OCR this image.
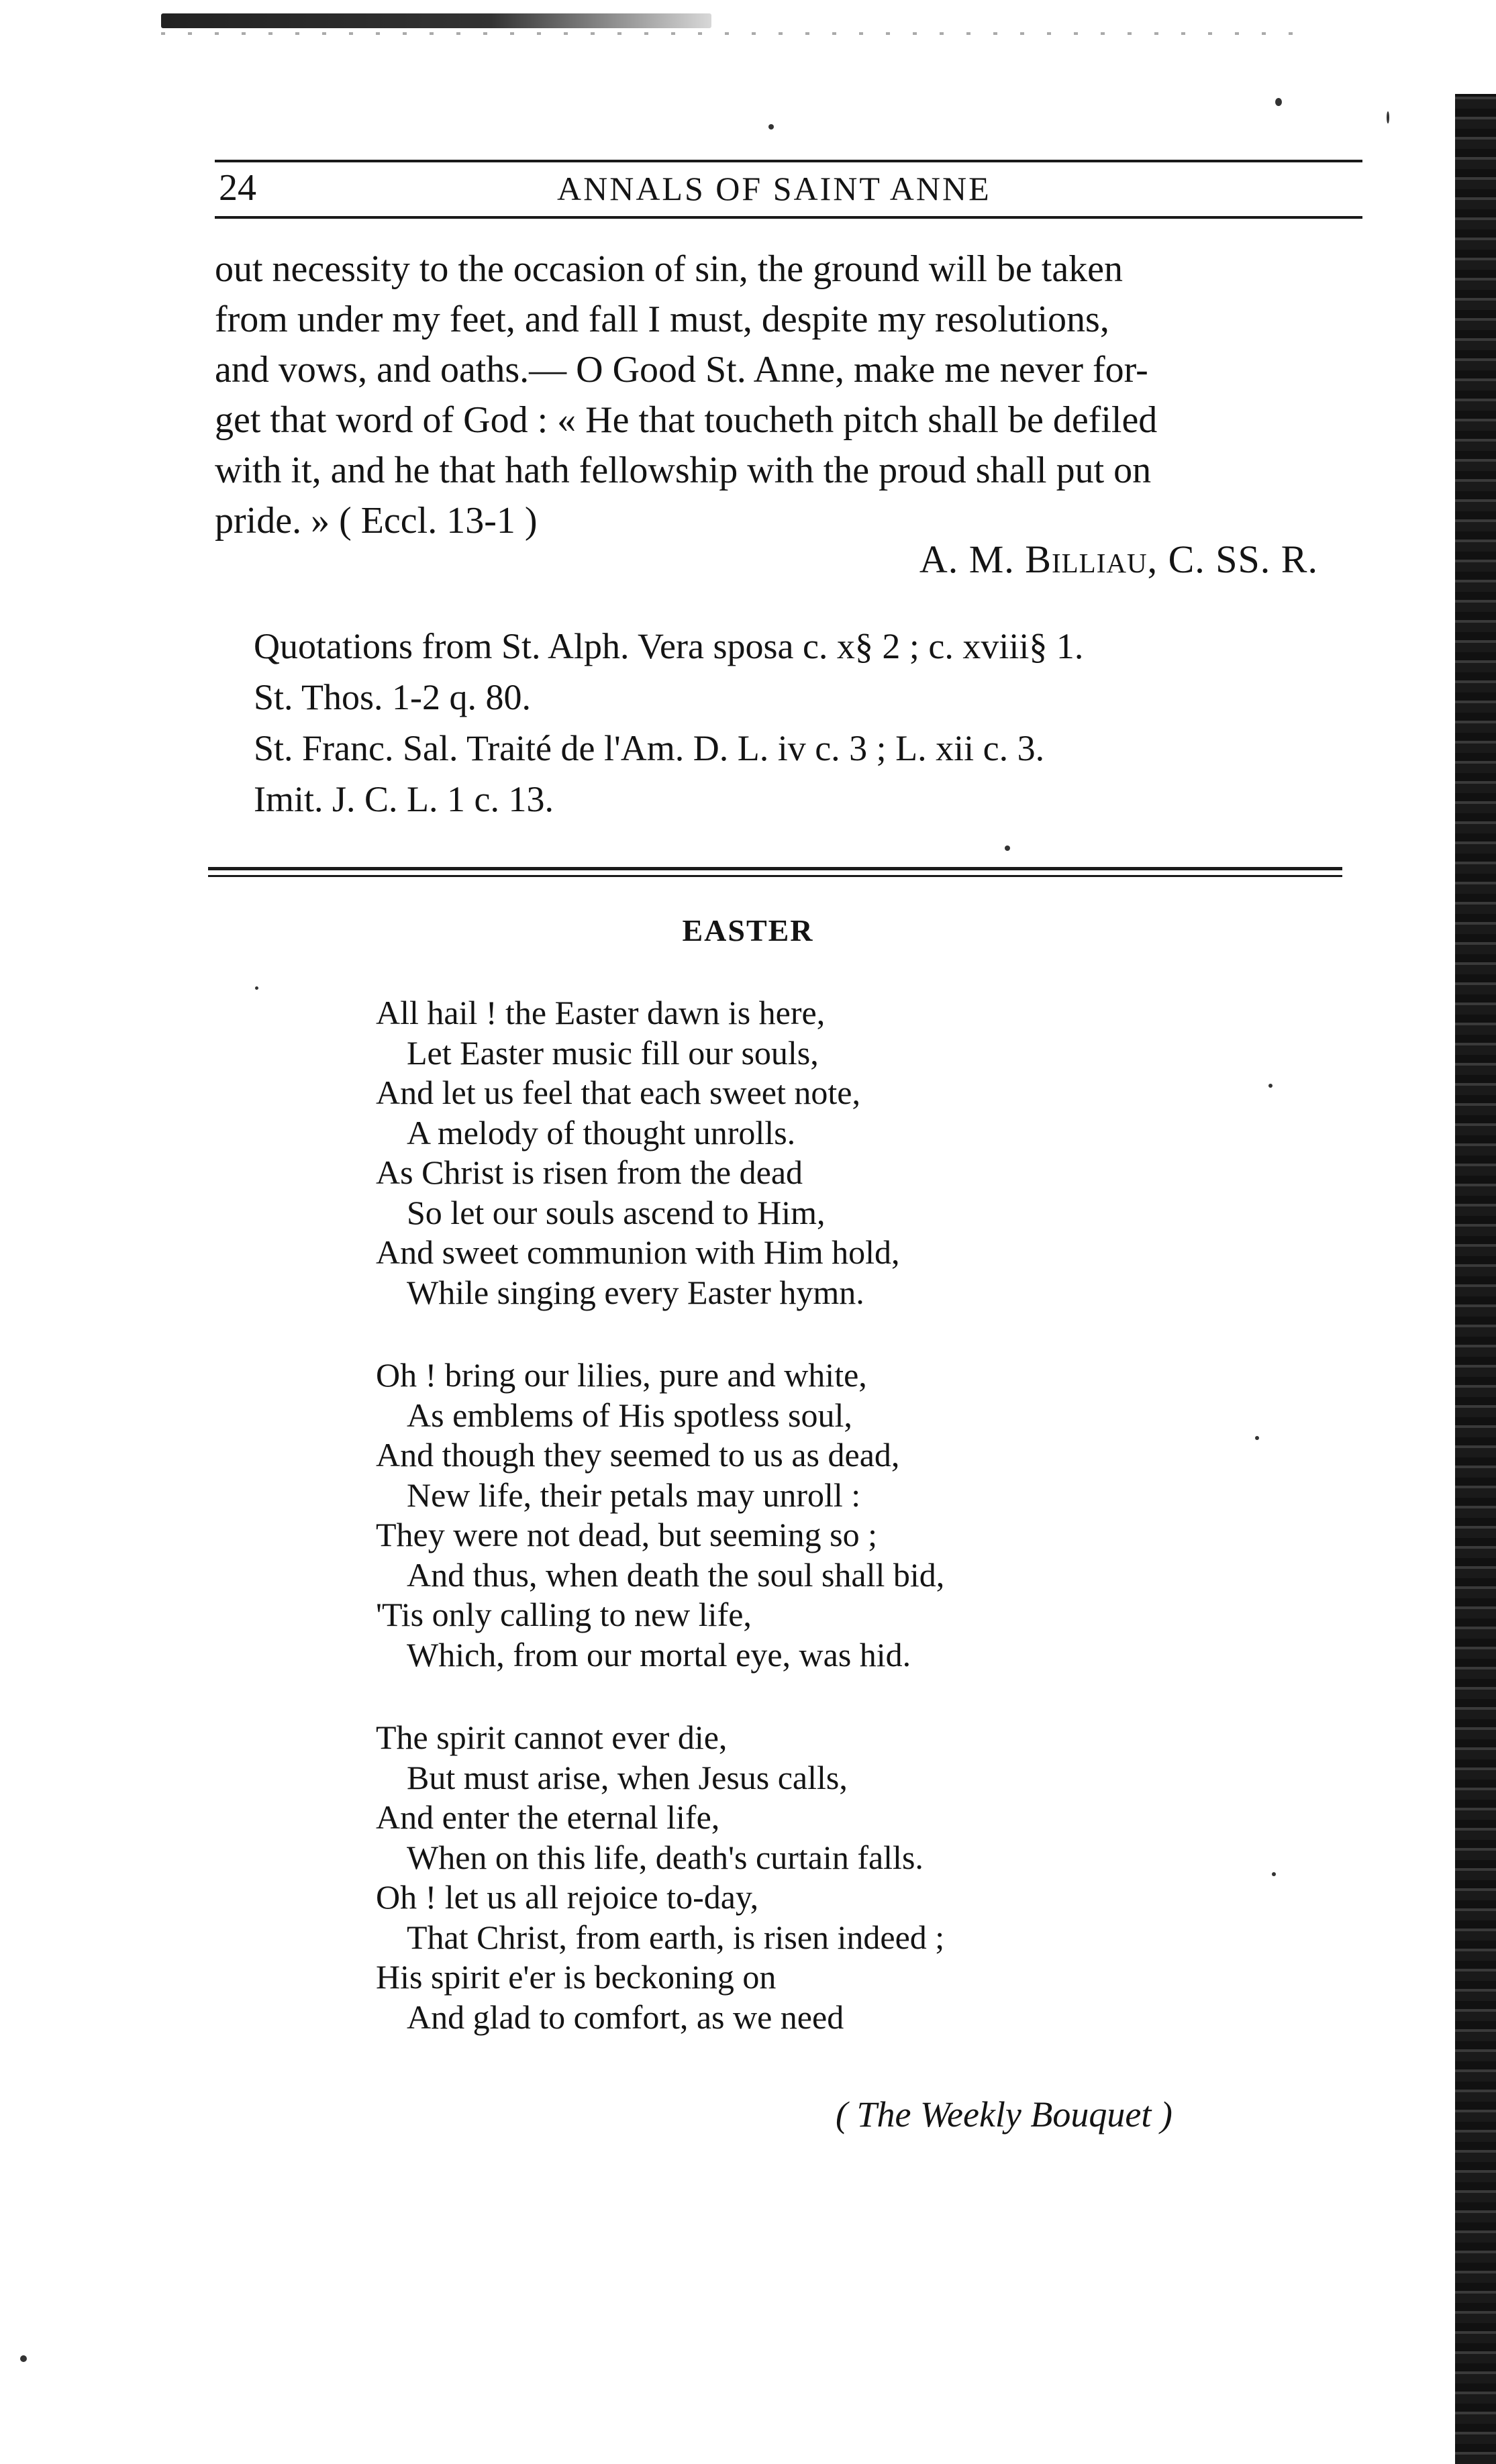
24	ANNALS OF SAINT ANNE

out necessity to the occasion of sin, the ground will be taken

from under my feet, and fall I must, despite my resolutions,

and vows, and oaths.— O Good St. Anne, make me never for-

get that word of God : « He that toucheth pitch shall be defiled

with it, and he that hath fellowship with the proud shall put on

pride. » ( Eccl. 13-1 )

A. M. Billiau, C. SS. R.
Quotations from St. Alph. Vera sposa c. x§ 2 ; c. xviii§ 1.
St. Thos. 1-2 q. 80.
St. Franc. Sal. Traité de l'Am. D. L. iv c. 3 ; L. xii c. 3.
Imit. J. C. L. 1 c. 13.
EASTER
All hail ! the Easter dawn is here,
Let Easter music fill our souls,
And let us feel that each sweet note,
A melody of thought unrolls.
As Christ is risen from the dead
So let our souls ascend to Him,
And sweet communion with Him hold,
While singing every Easter hymn.
Oh ! bring our lilies, pure and white,
As emblems of His spotless soul,
And though they seemed to us as dead,
New life, their petals may unroll :
They were not dead, but seeming so ;
And thus, when death the soul shall bid,
'Tis only calling to new life,
Which, from our mortal eye, was hid.
The spirit cannot ever die,
But must arise, when Jesus calls,
And enter the eternal life,
When on this life, death's curtain falls.
Oh ! let us all rejoice to-day,
That Christ, from earth, is risen indeed ;
His spirit e'er is beckoning on
And glad to comfort, as we need
( The Weekly Bouquet )
